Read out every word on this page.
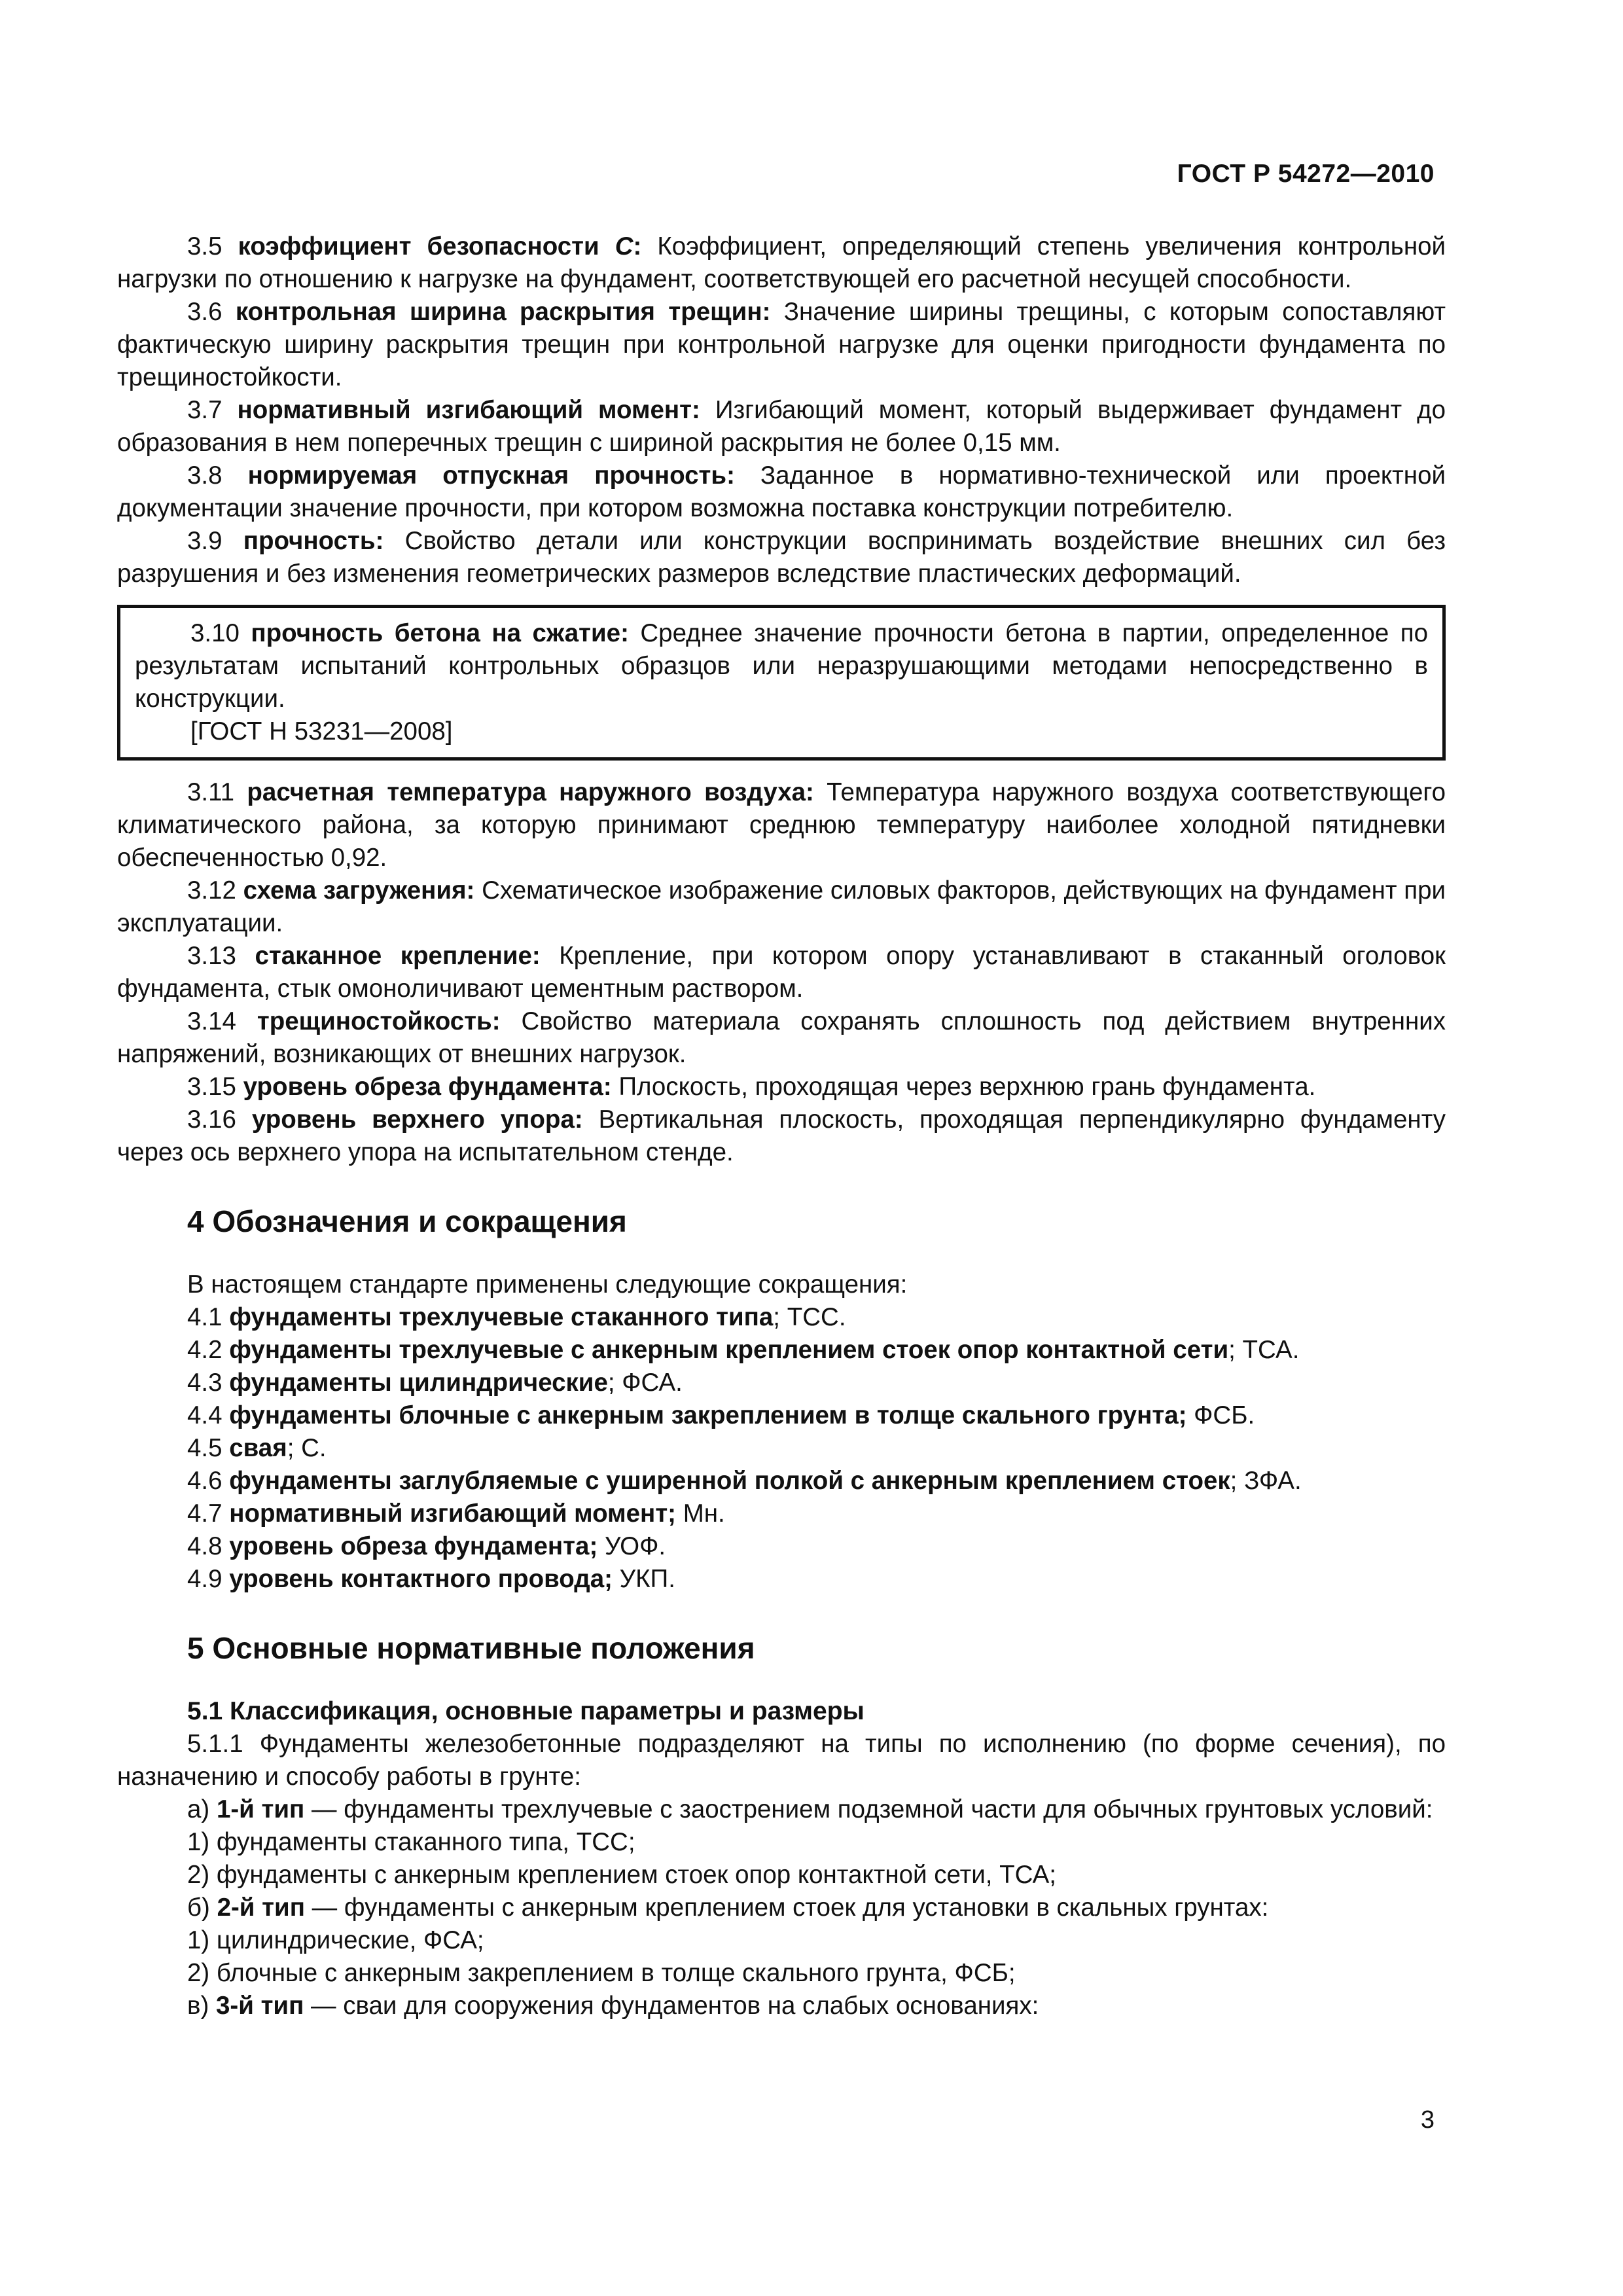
ГОСТ Р 54272—2010

3.5 коэффициент безопасности С: Коэффициент, определяющий степень увеличения контрольной нагрузки по отношению к нагрузке на фундамент, соответствующей его расчетной несущей способности.

3.6 контрольная ширина раскрытия трещин: Значение ширины трещины, с которым сопоставляют фактическую ширину раскрытия трещин при контрольной нагрузке для оценки пригодности фундамента по трещиностойкости.

3.7 нормативный изгибающий момент: Изгибающий момент, который выдерживает фундамент до образования в нем поперечных трещин с шириной раскрытия не более 0,15 мм.

3.8 нормируемая отпускная прочность: Заданное в нормативно-технической или проектной документации значение прочности, при котором возможна поставка конструкции потребителю.

3.9 прочность: Свойство детали или конструкции воспринимать воздействие внешних сил без разрушения и без изменения геометрических размеров вследствие пластических деформаций.

3.10 прочность бетона на сжатие: Среднее значение прочности бетона в партии, определенное по результатам испытаний контрольных образцов или неразрушающими методами непосредственно в конструкции.

[ГОСТ Н 53231—2008]

3.11 расчетная температура наружного воздуха: Температура наружного воздуха соответствующего климатического района, за которую принимают среднюю температуру наиболее холодной пятидневки обеспеченностью 0,92.

3.12 схема загружения: Схематическое изображение силовых факторов, действующих на фундамент при эксплуатации.

3.13 стаканное крепление: Крепление, при котором опору устанавливают в стаканный оголовок фундамента, стык омоноличивают цементным раствором.

3.14 трещиностойкость: Свойство материала сохранять сплошность под действием внутренних напряжений, возникающих от внешних нагрузок.

3.15 уровень обреза фундамента: Плоскость, проходящая через верхнюю грань фундамента.

3.16 уровень верхнего упора: Вертикальная плоскость, проходящая перпендикулярно фундаменту через ось верхнего упора на испытательном стенде.

4 Обозначения и сокращения

В настоящем стандарте применены следующие сокращения:

4.1 фундаменты трехлучевые стаканного типа; ТСС.

4.2 фундаменты трехлучевые с анкерным креплением стоек опор контактной сети; ТСА.

4.3 фундаменты цилиндрические; ФСА.

4.4 фундаменты блочные с анкерным закреплением в толще скального грунта; ФСБ.

4.5 свая; С.

4.6 фундаменты заглубляемые с уширенной полкой с анкерным креплением стоек; ЗФА.

4.7 нормативный изгибающий момент; Мн.

4.8 уровень обреза фундамента; УОФ.

4.9 уровень контактного провода; УКП.

5 Основные нормативные положения
5.1 Классификация, основные параметры и размеры

5.1.1 Фундаменты железобетонные подразделяют на типы по исполнению (по форме сечения), по назначению и способу работы в грунте:

а) 1-й тип — фундаменты трехлучевые с заострением подземной части для обычных грунтовых условий:

1) фундаменты стаканного типа, ТСС;

2) фундаменты с анкерным креплением стоек опор контактной сети, ТСА;

б) 2-й тип — фундаменты с анкерным креплением стоек для установки в скальных грунтах:

1) цилиндрические, ФСА;

2) блочные с анкерным закреплением в толще скального грунта, ФСБ;

в) 3-й тип — сваи для сооружения фундаментов на слабых основаниях:

3
